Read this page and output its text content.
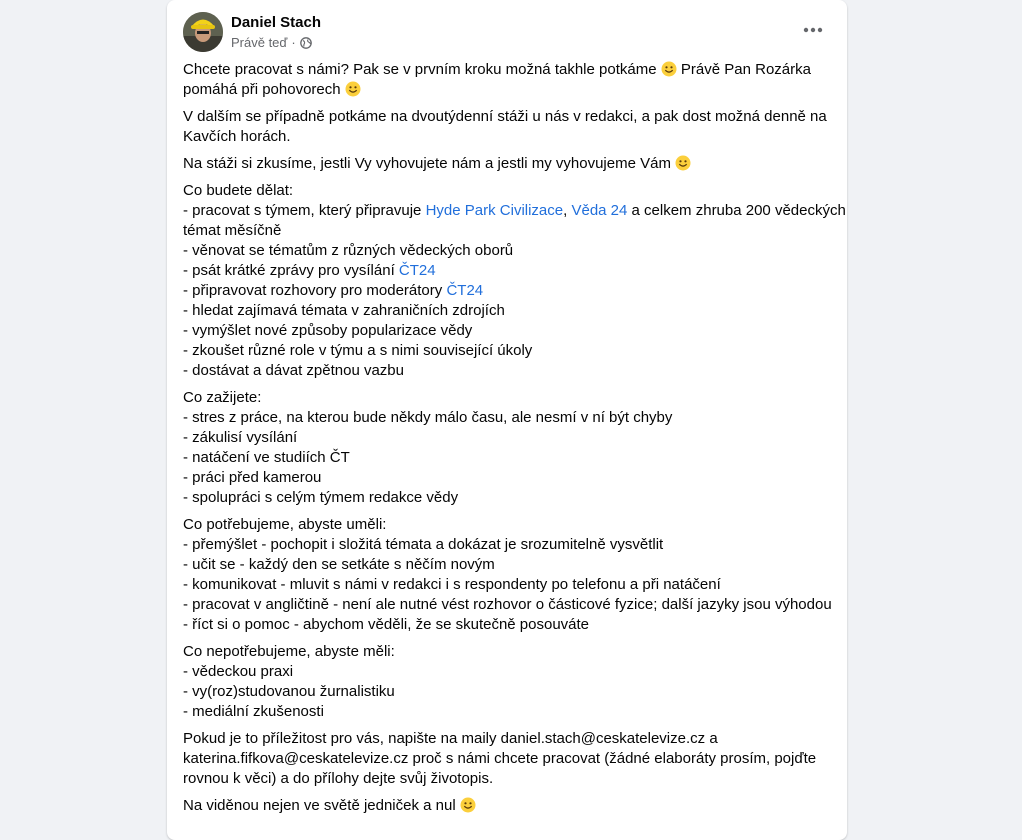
Daniel Stach
Právě teď ·

Chcete pracovat s námi? Pak se v prvním kroku možná takhle potkáme Právě Pan Rozárka
pomáhá při pohovorech

V dalším se případně potkáme na dvoutýdenní stáži u nás v redakci, a pak dost možná denně na
Kavčích horách.

Na stáži si zkusíme, jestli Vy vyhovujete nám a jestli my vyhovujeme Vám

Co budete dělat:
- pracovat s týmem, který připravuje Hyde Park Civilizace, Věda 24 a celkem zhruba 200 vědeckých
témat měsíčně
- věnovat se tématům z různých vědeckých oborů
- psát krátké zprávy pro vysílání ČT24
- připravovat rozhovory pro moderátory ČT24
- hledat zajímavá témata v zahraničních zdrojích
- vymýšlet nové způsoby popularizace vědy
- zkoušet různé role v týmu a s nimi související úkoly
- dostávat a dávat zpětnou vazbu

Co zažijete:
- stres z práce, na kterou bude někdy málo času, ale nesmí v ní být chyby
- zákulisí vysílání
- natáčení ve studiích ČT
- práci před kamerou
- spolupráci s celým týmem redakce vědy

Co potřebujeme, abyste uměli:
- přemýšlet - pochopit i složitá témata a dokázat je srozumitelně vysvětlit
- učit se - každý den se setkáte s něčím novým
- komunikovat - mluvit s námi v redakci i s respondenty po telefonu a při natáčení
- pracovat v angličtině - není ale nutné vést rozhovor o částicové fyzice; další jazyky jsou výhodou
- říct si o pomoc - abychom věděli, že se skutečně posouváte

Co nepotřebujeme, abyste měli:
- vědeckou praxi
- vy(roz)studovanou žurnalistiku
- mediální zkušenosti

Pokud je to příležitost pro vás, napište na maily daniel.stach@ceskatelevize.cz a
katerina.fifkova@ceskatelevize.cz proč s námi chcete pracovat (žádné elaboráty prosím, pojďte
rovnou k věci) a do přílohy dejte svůj životopis.

Na viděnou nejen ve světě jedniček a nul
